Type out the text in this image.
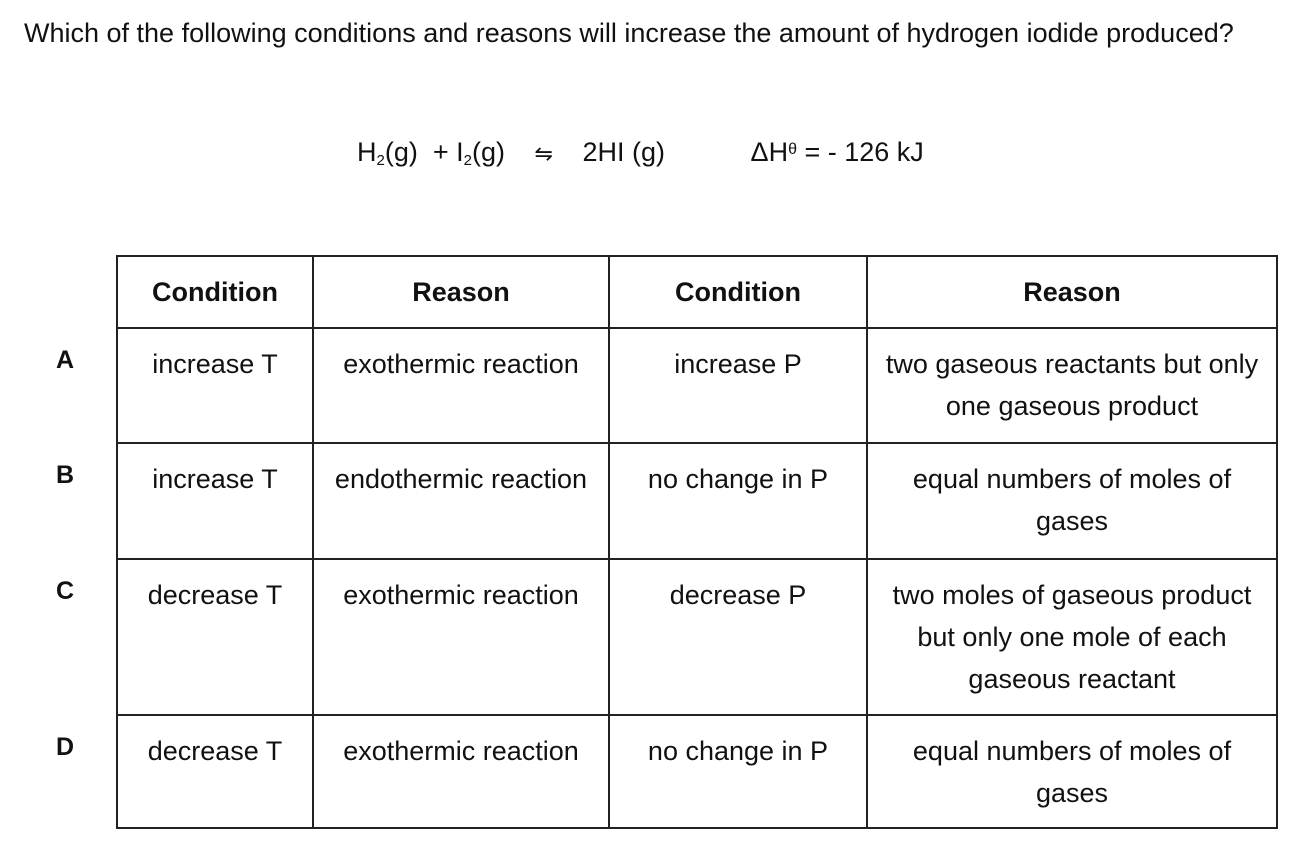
Which of the following conditions and reasons will increase the amount of hydrogen iodide produced?

$H_2(g) + I_2(g)$ ⇋ 2HI (g)	$\Delta H^\theta$ = - 126 kJ
A
B
C
D
Condition	Reason	Condition	Reason
increase T	exothermic reaction	increase P	two gaseous reactants but only one gaseous product
increase T	endothermic reaction	no change in P	equal numbers of moles of gases
decrease T	exothermic reaction	decrease P	two moles of gaseous product but only one mole of each gaseous reactant
decrease T	exothermic reaction	no change in P	equal numbers of moles of gases
